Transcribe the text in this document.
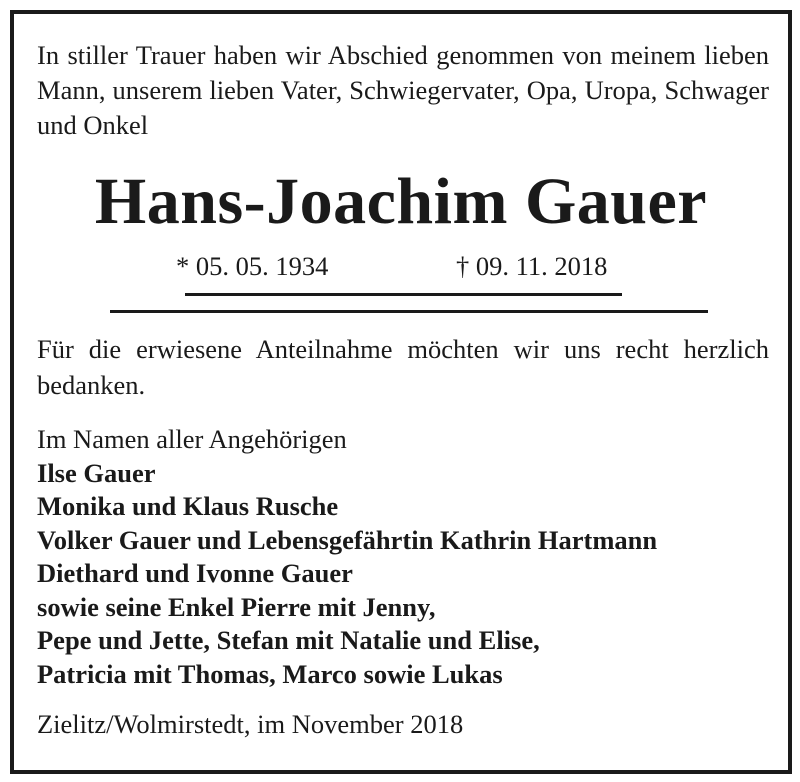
In stiller Trauer haben wir Abschied genommen von meinem lieben Mann, unserem lieben Vater, Schwiegervater, Opa, Uropa, Schwager und Onkel
Hans-Joachim Gauer
* 05. 05. 1934	† 09. 11. 2018
Für die erwiesene Anteilnahme möchten wir uns recht herzlich bedanken.
Im Namen aller Angehörigen
Ilse Gauer
Monika und Klaus Rusche
Volker Gauer und Lebensgefährtin Kathrin Hartmann
Diethard und Ivonne Gauer
sowie seine Enkel Pierre mit Jenny,
Pepe und Jette, Stefan mit Natalie und Elise,
Patricia mit Thomas, Marco sowie Lukas
Zielitz/Wolmirstedt, im November 2018
